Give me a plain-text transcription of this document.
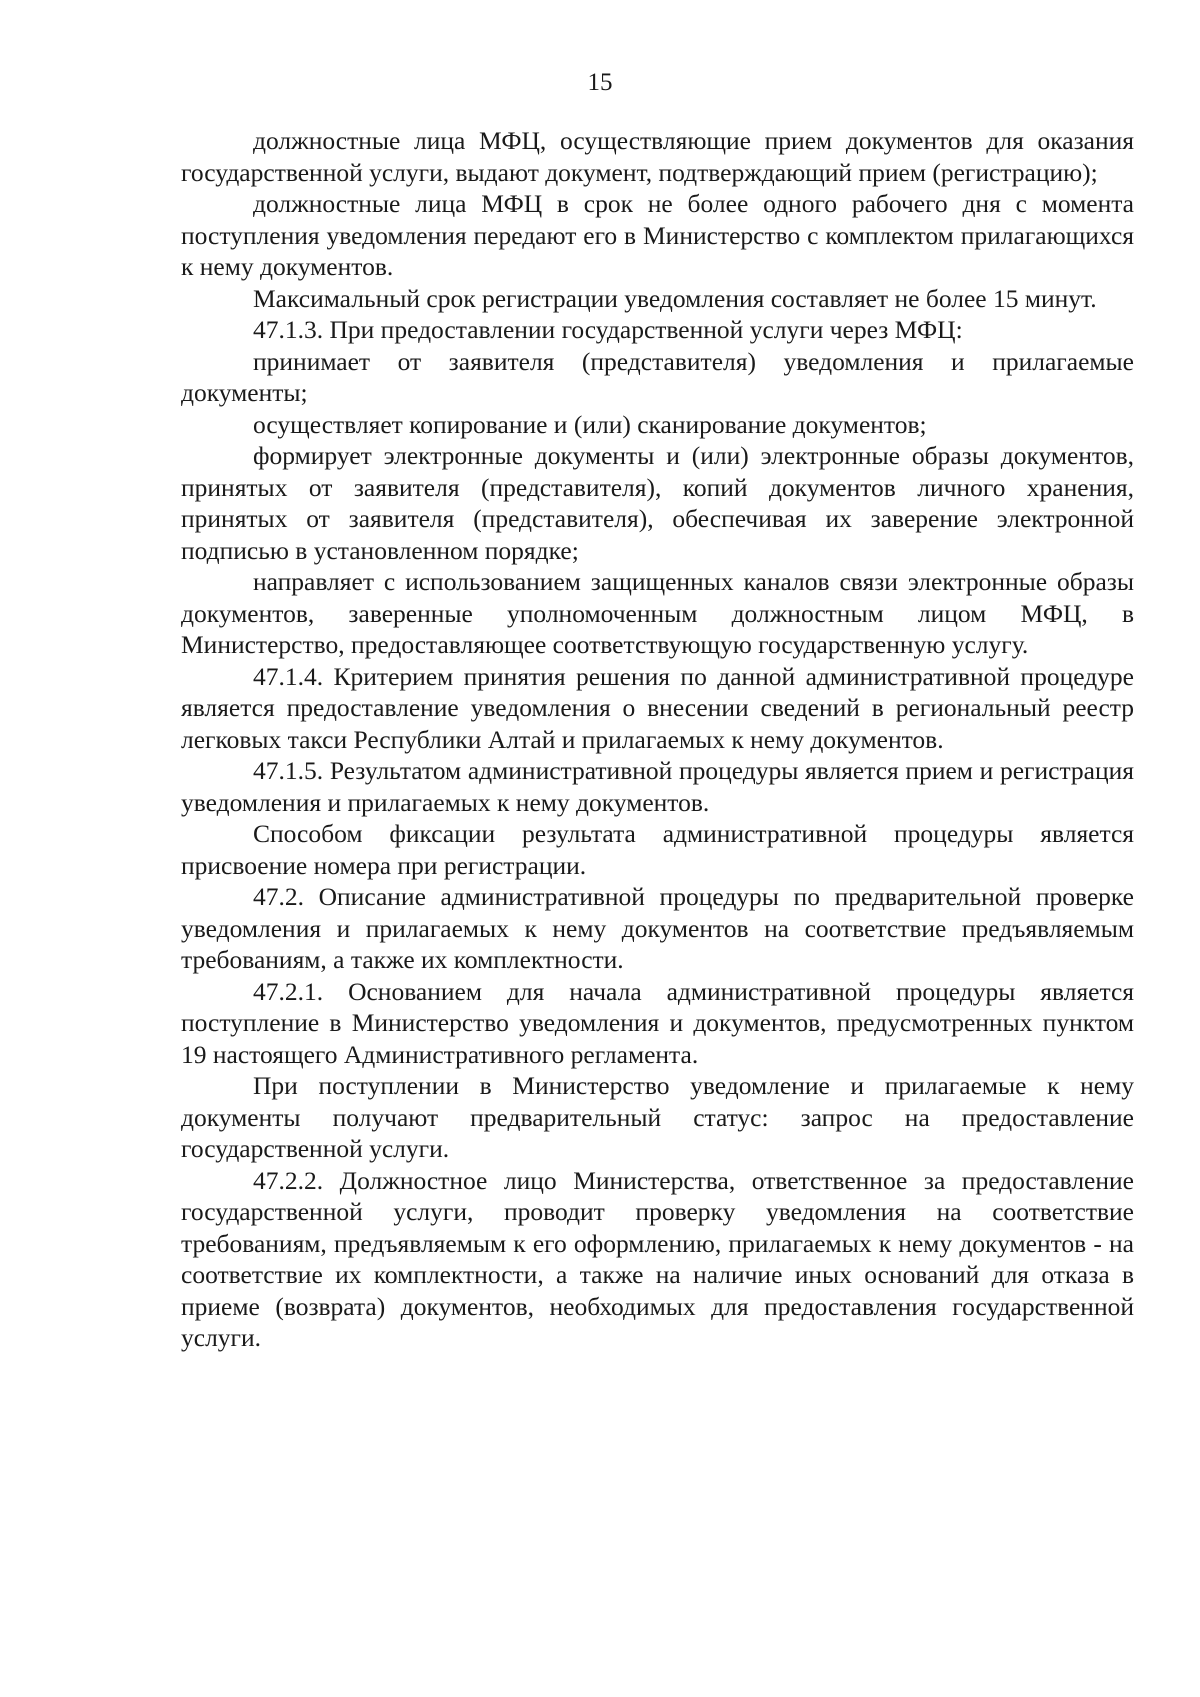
15

должностные лица МФЦ, осуществляющие прием документов для оказания государственной услуги, выдают документ, подтверждающий прием (регистрацию);

должностные лица МФЦ в срок не более одного рабочего дня с момента поступления уведомления передают его в Министерство с комплектом прилагающихся к нему документов.

Максимальный срок регистрации уведомления составляет не более 15 минут.

47.1.3. При предоставлении государственной услуги через МФЦ:

принимает от заявителя (представителя) уведомления и прилагаемые документы;

осуществляет копирование и (или) сканирование документов;

формирует электронные документы и (или) электронные образы документов, принятых от заявителя (представителя), копий документов личного хранения, принятых от заявителя (представителя), обеспечивая их заверение электронной подписью в установленном порядке;

направляет с использованием защищенных каналов связи электронные образы документов, заверенные уполномоченным должностным лицом МФЦ, в Министерство, предоставляющее соответствующую государственную услугу.

47.1.4. Критерием принятия решения по данной административной процедуре является предоставление уведомления о внесении сведений в региональный реестр легковых такси Республики Алтай и прилагаемых к нему документов.

47.1.5. Результатом административной процедуры является прием и регистрация уведомления и прилагаемых к нему документов.

Способом фиксации результата административной процедуры является присвоение номера при регистрации.

47.2. Описание административной процедуры по предварительной проверке уведомления и прилагаемых к нему документов на соответствие предъявляемым требованиям, а также их комплектности.

47.2.1. Основанием для начала административной процедуры является поступление в Министерство уведомления и документов, предусмотренных пунктом 19 настоящего Административного регламента.

При поступлении в Министерство уведомление и прилагаемые к нему документы получают предварительный статус: запрос на предоставление государственной услуги.

47.2.2. Должностное лицо Министерства, ответственное за предоставление государственной услуги, проводит проверку уведомления на соответствие требованиям, предъявляемым к его оформлению, прилагаемых к нему документов - на соответствие их комплектности, а также на наличие иных оснований для отказа в приеме (возврата) документов, необходимых для предоставления государственной услуги.
